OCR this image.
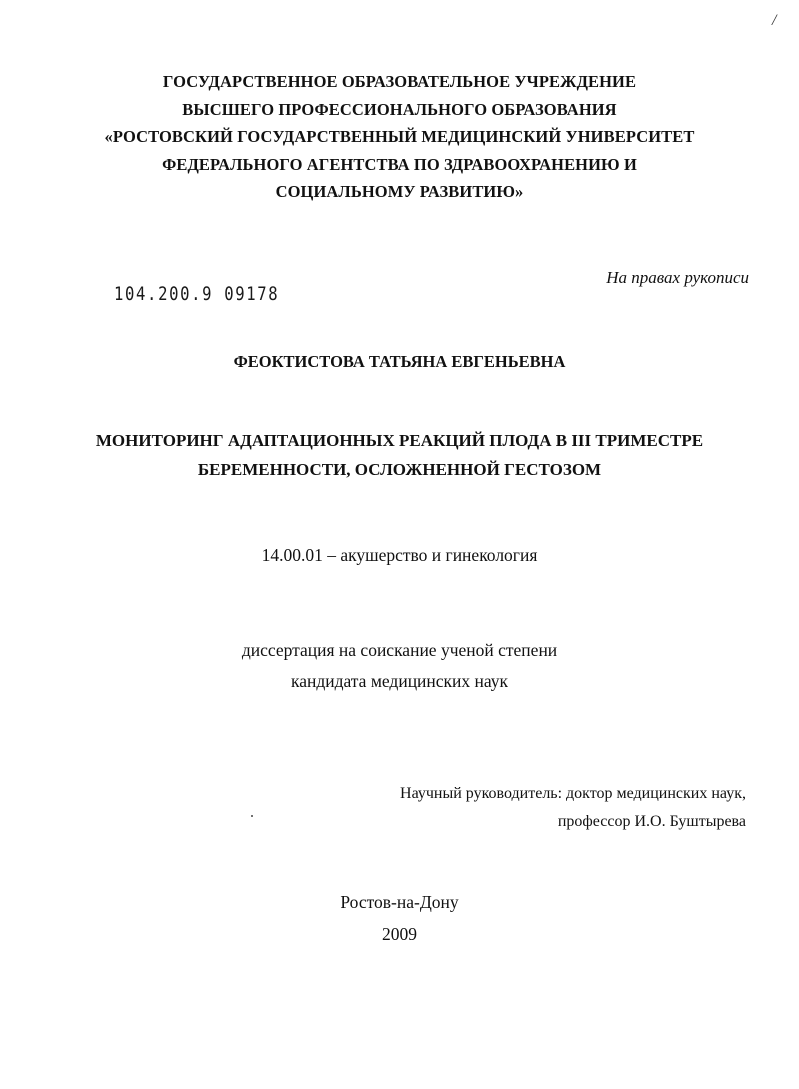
/
ГОСУДАРСТВЕННОЕ ОБРАЗОВАТЕЛЬНОЕ УЧРЕЖДЕНИЕ
ВЫСШЕГО ПРОФЕССИОНАЛЬНОГО ОБРАЗОВАНИЯ
«РОСТОВСКИЙ ГОСУДАРСТВЕННЫЙ МЕДИЦИНСКИЙ УНИВЕРСИТЕТ
ФЕДЕРАЛЬНОГО АГЕНТСТВА ПО ЗДРАВООХРАНЕНИЮ И
СОЦИАЛЬНОМУ РАЗВИТИЮ»
104.200.9 09178
На правах рукописи
ФЕОКТИСТОВА ТАТЬЯНА ЕВГЕНЬЕВНА
МОНИТОРИНГ АДАПТАЦИОННЫХ РЕАКЦИЙ ПЛОДА В III ТРИМЕСТРЕ
БЕРЕМЕННОСТИ, ОСЛОЖНЕННОЙ ГЕСТОЗОМ
14.00.01 – акушерство и гинекология
диссертация на соискание ученой степени
кандидата медицинских наук
Научный руководитель: доктор медицинских наук,
профессор И.О. Буштырева
Ростов-на-Дону
2009
